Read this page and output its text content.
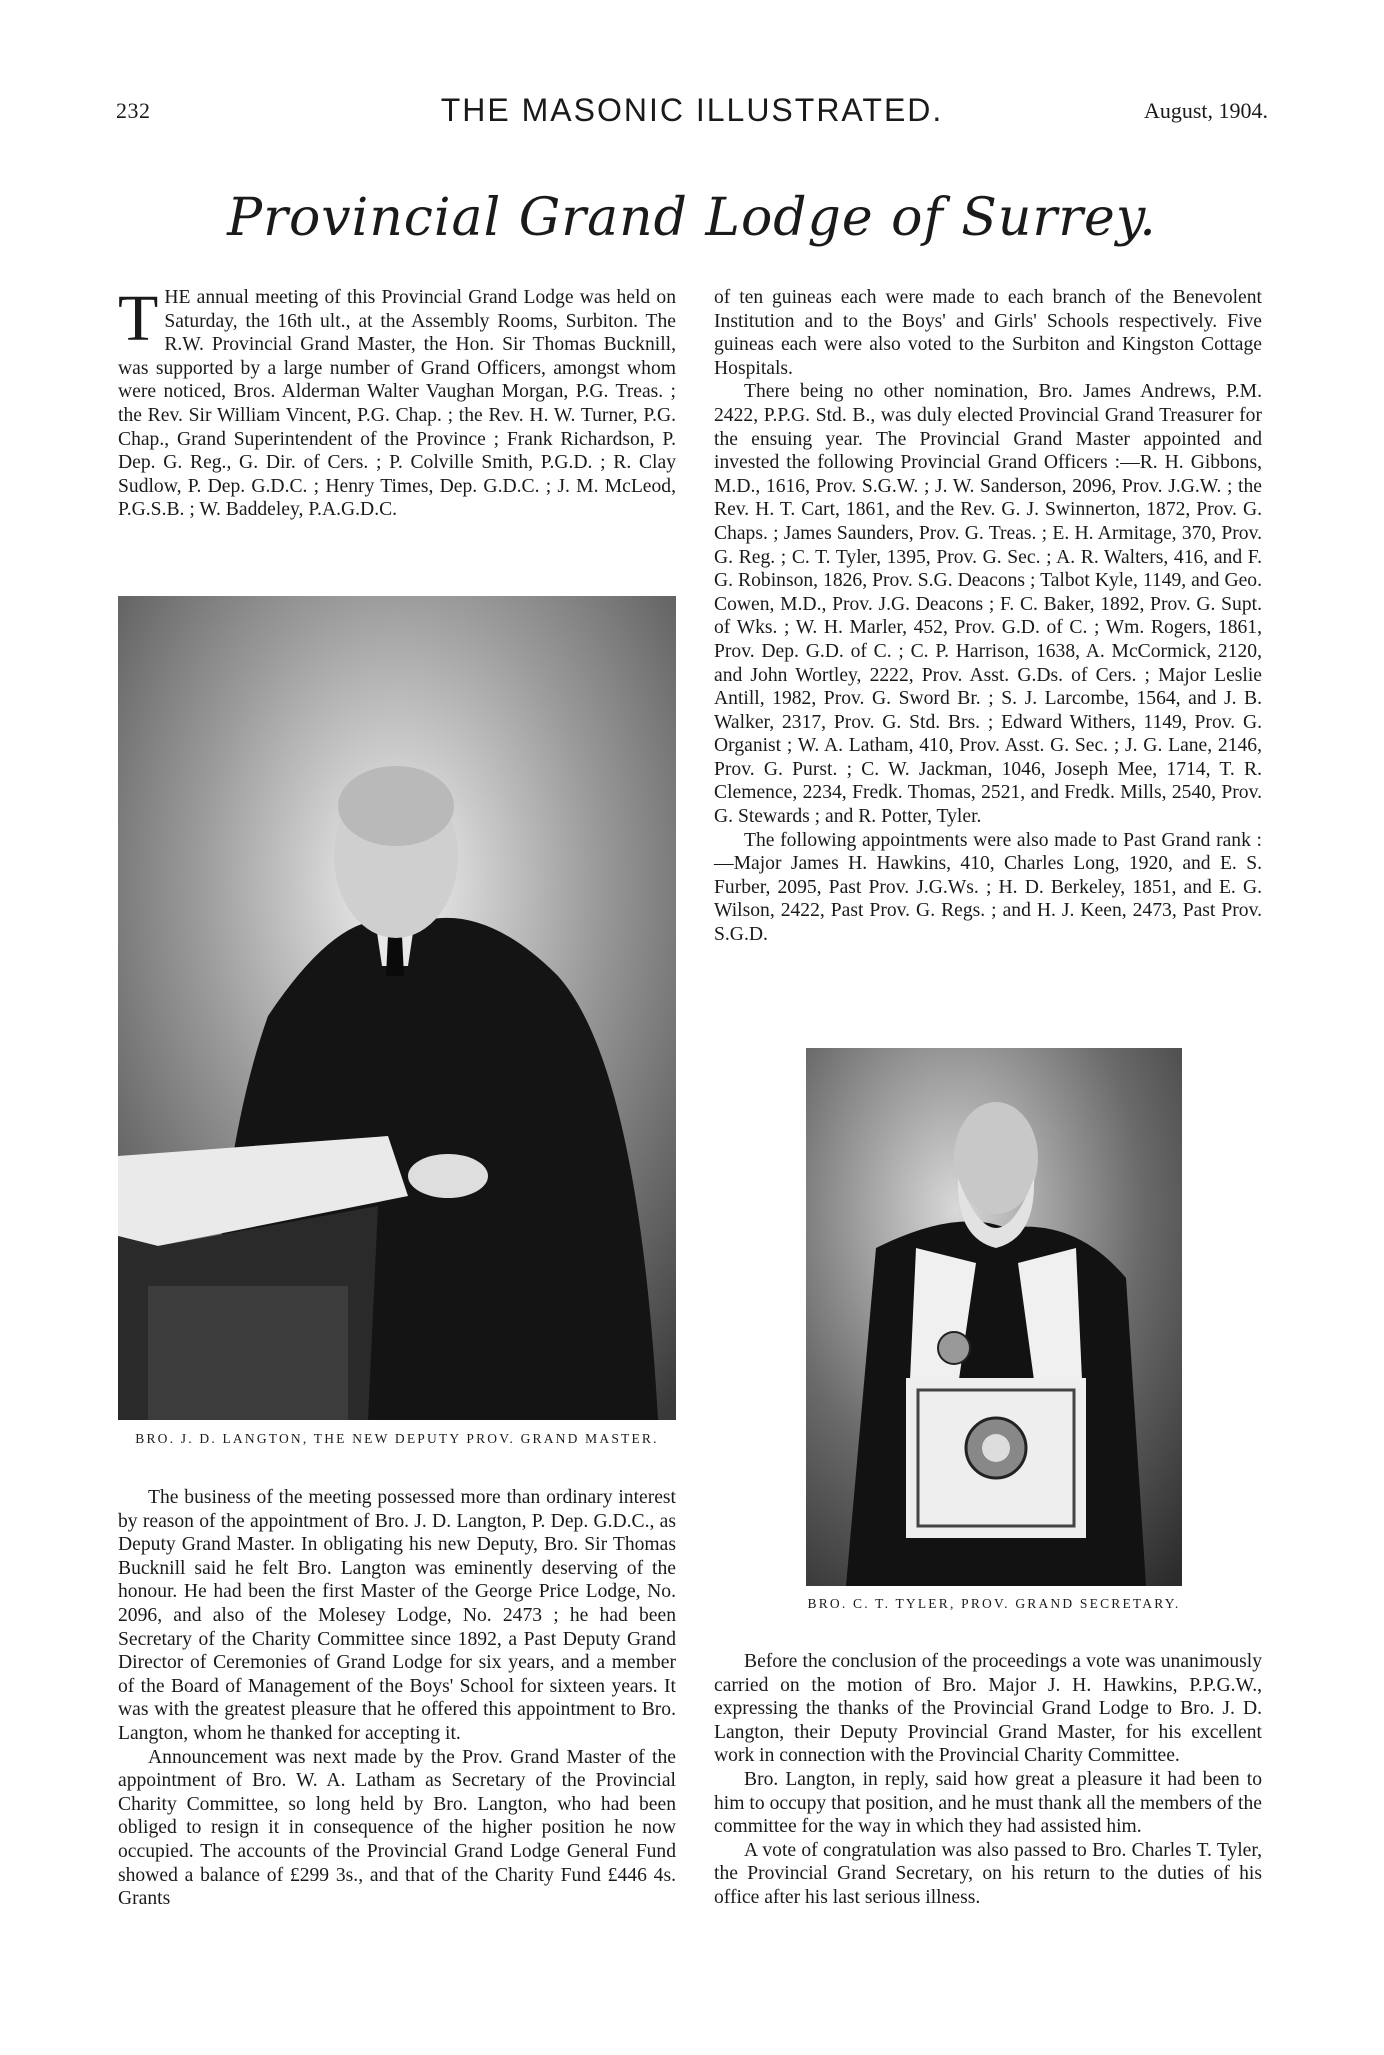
232	THE MASONIC ILLUSTRATED.	August, 1904.
Provincial Grand Lodge of Surrey.

THE annual meeting of this Provincial Grand Lodge was held on Saturday, the 16th ult., at the Assembly Rooms, Surbiton. The R.W. Provincial Grand Master, the Hon. Sir Thomas Bucknill, was supported by a large number of Grand Officers, amongst whom were noticed, Bros. Alderman Walter Vaughan Morgan, P.G. Treas. ; the Rev. Sir William Vincent, P.G. Chap. ; the Rev. H. W. Turner, P.G. Chap., Grand Superintendent of the Province ; Frank Richardson, P. Dep. G. Reg., G. Dir. of Cers. ; P. Colville Smith, P.G.D. ; R. Clay Sudlow, P. Dep. G.D.C. ; Henry Times, Dep. G.D.C. ; J. M. McLeod, P.G.S.B. ; W. Baddeley, P.A.G.D.C.

BRO. J. D. LANGTON, THE NEW DEPUTY PROV. GRAND MASTER.

The business of the meeting possessed more than ordinary interest by reason of the appointment of Bro. J. D. Langton, P. Dep. G.D.C., as Deputy Grand Master. In obligating his new Deputy, Bro. Sir Thomas Bucknill said he felt Bro. Langton was eminently deserving of the honour. He had been the first Master of the George Price Lodge, No. 2096, and also of the Molesey Lodge, No. 2473 ; he had been Secretary of the Charity Committee since 1892, a Past Deputy Grand Director of Ceremonies of Grand Lodge for six years, and a member of the Board of Management of the Boys' School for sixteen years. It was with the greatest pleasure that he offered this appointment to Bro. Langton, whom he thanked for accepting it.

Announcement was next made by the Prov. Grand Master of the appointment of Bro. W. A. Latham as Secretary of the Provincial Charity Committee, so long held by Bro. Langton, who had been obliged to resign it in consequence of the higher position he now occupied. The accounts of the Provincial Grand Lodge General Fund showed a balance of £299 3s., and that of the Charity Fund £446 4s. Grants

of ten guineas each were made to each branch of the Benevolent Institution and to the Boys' and Girls' Schools respectively. Five guineas each were also voted to the Surbiton and Kingston Cottage Hospitals.

There being no other nomination, Bro. James Andrews, P.M. 2422, P.P.G. Std. B., was duly elected Provincial Grand Treasurer for the ensuing year. The Provincial Grand Master appointed and invested the following Provincial Grand Officers :—R. H. Gibbons, M.D., 1616, Prov. S.G.W. ; J. W. Sanderson, 2096, Prov. J.G.W. ; the Rev. H. T. Cart, 1861, and the Rev. G. J. Swinnerton, 1872, Prov. G. Chaps. ; James Saunders, Prov. G. Treas. ; E. H. Armitage, 370, Prov. G. Reg. ; C. T. Tyler, 1395, Prov. G. Sec. ; A. R. Walters, 416, and F. G. Robinson, 1826, Prov. S.G. Deacons ; Talbot Kyle, 1149, and Geo. Cowen, M.D., Prov. J.G. Deacons ; F. C. Baker, 1892, Prov. G. Supt. of Wks. ; W. H. Marler, 452, Prov. G.D. of C. ; Wm. Rogers, 1861, Prov. Dep. G.D. of C. ; C. P. Harrison, 1638, A. McCormick, 2120, and John Wortley, 2222, Prov. Asst. G.Ds. of Cers. ; Major Leslie Antill, 1982, Prov. G. Sword Br. ; S. J. Larcombe, 1564, and J. B. Walker, 2317, Prov. G. Std. Brs. ; Edward Withers, 1149, Prov. G. Organist ; W. A. Latham, 410, Prov. Asst. G. Sec. ; J. G. Lane, 2146, Prov. G. Purst. ; C. W. Jackman, 1046, Joseph Mee, 1714, T. R. Clemence, 2234, Fredk. Thomas, 2521, and Fredk. Mills, 2540, Prov. G. Stewards ; and R. Potter, Tyler.

The following appointments were also made to Past Grand rank :—Major James H. Hawkins, 410, Charles Long, 1920, and E. S. Furber, 2095, Past Prov. J.G.Ws. ; H. D. Berkeley, 1851, and E. G. Wilson, 2422, Past Prov. G. Regs. ; and H. J. Keen, 2473, Past Prov. S.G.D.

BRO. C. T. TYLER, PROV. GRAND SECRETARY.

Before the conclusion of the proceedings a vote was unanimously carried on the motion of Bro. Major J. H. Hawkins, P.P.G.W., expressing the thanks of the Provincial Grand Lodge to Bro. J. D. Langton, their Deputy Provincial Grand Master, for his excellent work in connection with the Provincial Charity Committee.

Bro. Langton, in reply, said how great a pleasure it had been to him to occupy that position, and he must thank all the members of the committee for the way in which they had assisted him.

A vote of congratulation was also passed to Bro. Charles T. Tyler, the Provincial Grand Secretary, on his return to the duties of his office after his last serious illness.
